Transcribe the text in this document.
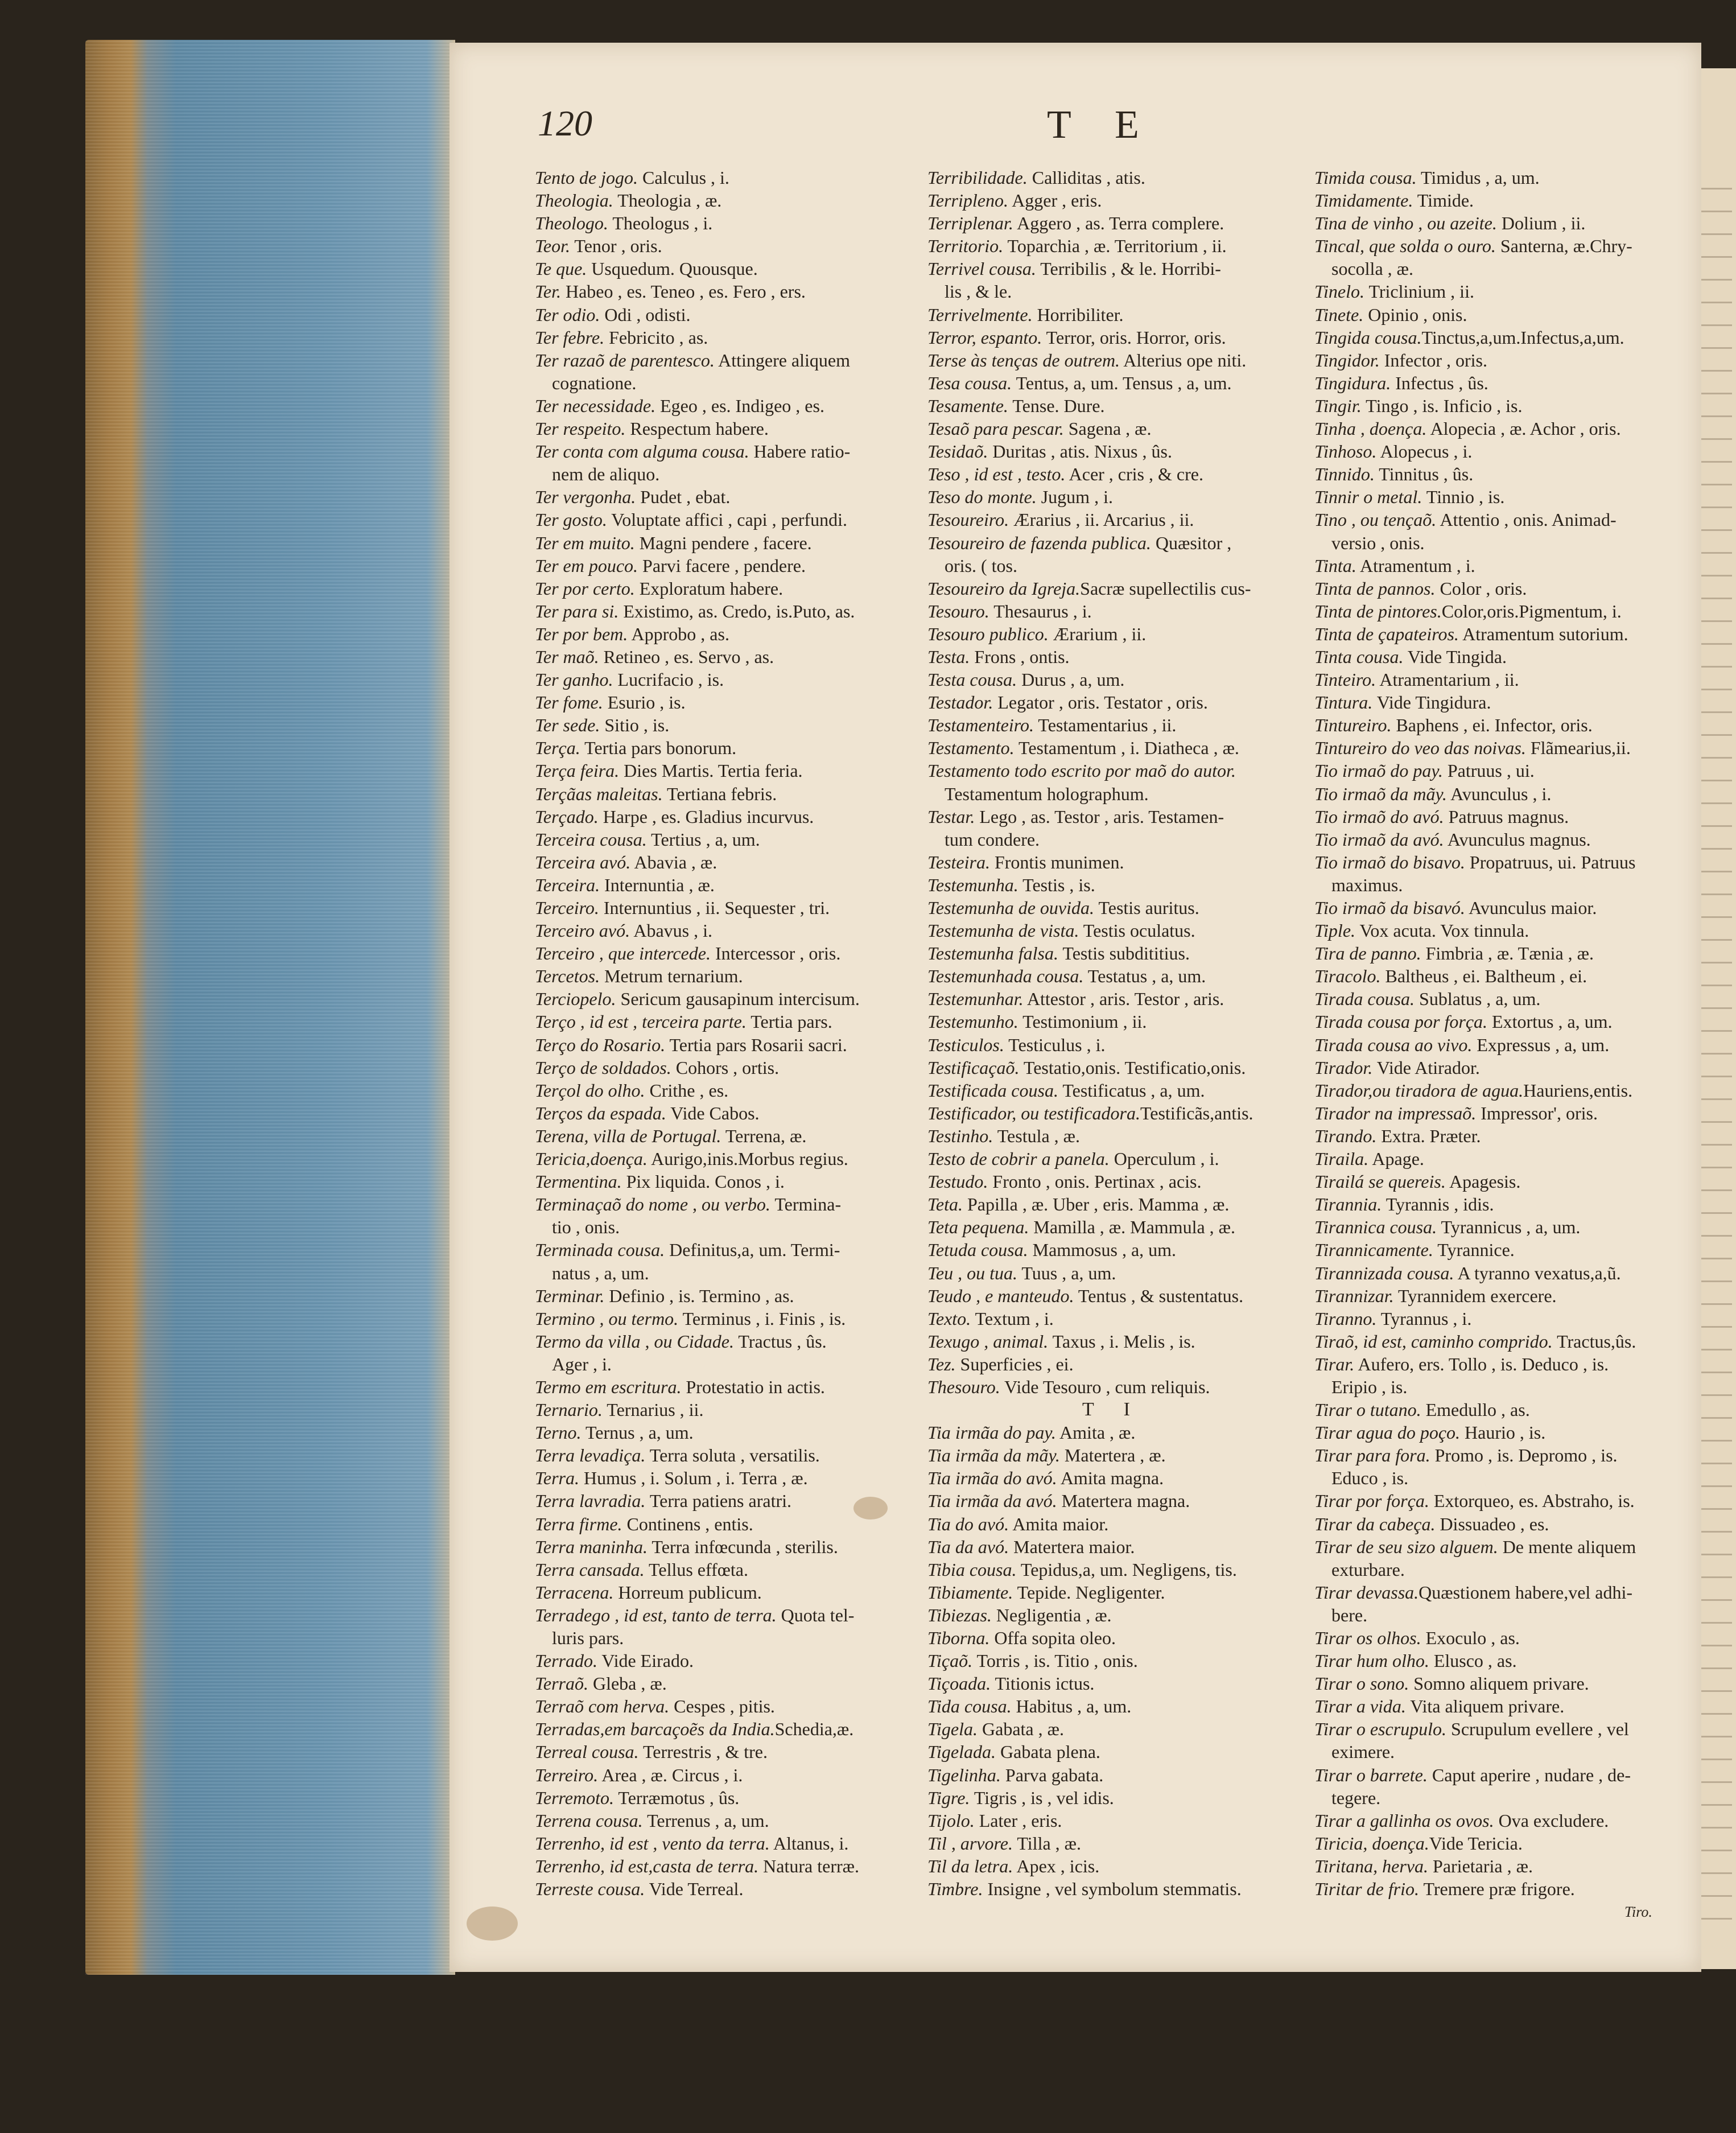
120	T E
Tento de jogo. Calculus , i.
Theologia. Theologia , æ.
Theologo. Theologus , i.
Teor. Tenor , oris.
Te que. Usquedum. Quousque.
Ter. Habeo , es. Teneo , es. Fero , ers.
Ter odio. Odi , odisti.
Ter febre. Febricito , as.
Ter razaõ de parentesco. Attingere aliquem
cognatione.
Ter necessidade. Egeo , es. Indigeo , es.
Ter respeito. Respectum habere.
Ter conta com alguma cousa. Habere ratio-
nem de aliquo.
Ter vergonha. Pudet , ebat.
Ter gosto. Voluptate affici , capi , perfundi.
Ter em muito. Magni pendere , facere.
Ter em pouco. Parvi facere , pendere.
Ter por certo. Exploratum habere.
Ter para si. Existimo, as. Credo, is.Puto, as.
Ter por bem. Approbo , as.
Ter maõ. Retineo , es. Servo , as.
Ter ganho. Lucrifacio , is.
Ter fome. Esurio , is.
Ter sede. Sitio , is.
Terça. Tertia pars bonorum.
Terça feira. Dies Martis. Tertia feria.
Terçãas maleitas. Tertiana febris.
Terçado. Harpe , es. Gladius incurvus.
Terceira cousa. Tertius , a, um.
Terceira avó. Abavia , æ.
Terceira. Internuntia , æ.
Terceiro. Internuntius , ii. Sequester , tri.
Terceiro avó. Abavus , i.
Terceiro , que intercede. Intercessor , oris.
Tercetos. Metrum ternarium.
Terciopelo. Sericum gausapinum intercisum.
Terço , id est , terceira parte. Tertia pars.
Terço do Rosario. Tertia pars Rosarii sacri.
Terço de soldados. Cohors , ortis.
Terçol do olho. Crithe , es.
Terços da espada. Vide Cabos.
Terena, villa de Portugal. Terrena, æ.
Tericia,doença. Aurigo,inis.Morbus regius.
Termentina. Pix liquida. Conos , i.
Terminaçaõ do nome , ou verbo. Termina-
tio , onis.
Terminada cousa. Definitus,a, um. Termi-
natus , a, um.
Terminar. Definio , is. Termino , as.
Termino , ou termo. Terminus , i. Finis , is.
Termo da villa , ou Cidade. Tractus , ûs.
Ager , i.
Termo em escritura. Protestatio in actis.
Ternario. Ternarius , ii.
Terno. Ternus , a, um.
Terra levadiça. Terra soluta , versatilis.
Terra. Humus , i. Solum , i. Terra , æ.
Terra lavradia. Terra patiens aratri.
Terra firme. Continens , entis.
Terra maninha. Terra infœcunda , sterilis.
Terra cansada. Tellus effœta.
Terracena. Horreum publicum.
Terradego , id est, tanto de terra. Quota tel-
luris pars.
Terrado. Vide Eirado.
Terraõ. Gleba , æ.
Terraõ com herva. Cespes , pitis.
Terradas,em barcaçoẽs da India.Schedia,æ.
Terreal cousa. Terrestris , & tre.
Terreiro. Area , æ. Circus , i.
Terremoto. Terræmotus , ûs.
Terrena cousa. Terrenus , a, um.
Terrenho, id est , vento da terra. Altanus, i.
Terrenho, id est,casta de terra. Natura terræ.
Terreste cousa. Vide Terreal.
Terribilidade. Calliditas , atis.
Terripleno. Agger , eris.
Terriplenar. Aggero , as. Terra complere.
Territorio. Toparchia , æ. Territorium , ii.
Terrivel cousa. Terribilis , & le. Horribi-
lis , & le.
Terrivelmente. Horribiliter.
Terror, espanto. Terror, oris. Horror, oris.
Terse às tenças de outrem. Alterius ope niti.
Tesa cousa. Tentus, a, um. Tensus , a, um.
Tesamente. Tense. Dure.
Tesaõ para pescar. Sagena , æ.
Tesidaõ. Duritas , atis. Nixus , ûs.
Teso , id est , testo. Acer , cris , & cre.
Teso do monte. Jugum , i.
Tesoureiro. Ærarius , ii. Arcarius , ii.
Tesoureiro de fazenda publica. Quæsitor ,
oris. ( tos.
Tesoureiro da Igreja.Sacræ supellectilis cus-
Tesouro. Thesaurus , i.
Tesouro publico. Ærarium , ii.
Testa. Frons , ontis.
Testa cousa. Durus , a, um.
Testador. Legator , oris. Testator , oris.
Testamenteiro. Testamentarius , ii.
Testamento. Testamentum , i. Diatheca , æ.
Testamento todo escrito por maõ do autor.
Testamentum holographum.
Testar. Lego , as. Testor , aris. Testamen-
tum condere.
Testeira. Frontis munimen.
Testemunha. Testis , is.
Testemunha de ouvida. Testis auritus.
Testemunha de vista. Testis oculatus.
Testemunha falsa. Testis subdititius.
Testemunhada cousa. Testatus , a, um.
Testemunhar. Attestor , aris. Testor , aris.
Testemunho. Testimonium , ii.
Testiculos. Testiculus , i.
Testificaçaõ. Testatio,onis. Testificatio,onis.
Testificada cousa. Testificatus , a, um.
Testificador, ou testificadora.Testificãs,antis.
Testinho. Testula , æ.
Testo de cobrir a panela. Operculum , i.
Testudo. Fronto , onis. Pertinax , acis.
Teta. Papilla , æ. Uber , eris. Mamma , æ.
Teta pequena. Mamilla , æ. Mammula , æ.
Tetuda cousa. Mammosus , a, um.
Teu , ou tua. Tuus , a, um.
Teudo , e manteudo. Tentus , & sustentatus.
Texto. Textum , i.
Texugo , animal. Taxus , i. Melis , is.
Tez. Superficies , ei.
Thesouro. Vide Tesouro , cum reliquis.
T I
Tia irmãa do pay. Amita , æ.
Tia irmãa da mãy. Matertera , æ.
Tia irmãa do avó. Amita magna.
Tia irmãa da avó. Matertera magna.
Tia do avó. Amita maior.
Tia da avó. Matertera maior.
Tibia cousa. Tepidus,a, um. Negligens, tis.
Tibiamente. Tepide. Negligenter.
Tibiezas. Negligentia , æ.
Tiborna. Offa sopita oleo.
Tiçaõ. Torris , is. Titio , onis.
Tiçoada. Titionis ictus.
Tida cousa. Habitus , a, um.
Tigela. Gabata , æ.
Tigelada. Gabata plena.
Tigelinha. Parva gabata.
Tigre. Tigris , is , vel idis.
Tijolo. Later , eris.
Til , arvore. Tilla , æ.
Til da letra. Apex , icis.
Timbre. Insigne , vel symbolum stemmatis.
Timida cousa. Timidus , a, um.
Timidamente. Timide.
Tina de vinho , ou azeite. Dolium , ii.
Tincal, que solda o ouro. Santerna, æ.Chry-
socolla , æ.
Tinelo. Triclinium , ii.
Tinete. Opinio , onis.
Tingida cousa.Tinctus,a,um.Infectus,a,um.
Tingidor. Infector , oris.
Tingidura. Infectus , ûs.
Tingir. Tingo , is. Inficio , is.
Tinha , doença. Alopecia , æ. Achor , oris.
Tinhoso. Alopecus , i.
Tinnido. Tinnitus , ûs.
Tinnir o metal. Tinnio , is.
Tino , ou tençaõ. Attentio , onis. Animad-
versio , onis.
Tinta. Atramentum , i.
Tinta de pannos. Color , oris.
Tinta de pintores.Color,oris.Pigmentum, i.
Tinta de çapateiros. Atramentum sutorium.
Tinta cousa. Vide Tingida.
Tinteiro. Atramentarium , ii.
Tintura. Vide Tingidura.
Tintureiro. Baphens , ei. Infector, oris.
Tintureiro do veo das noivas. Flãmearius,ii.
Tio irmaõ do pay. Patruus , ui.
Tio irmaõ da mãy. Avunculus , i.
Tio irmaõ do avó. Patruus magnus.
Tio irmaõ da avó. Avunculus magnus.
Tio irmaõ do bisavo. Propatruus, ui. Patruus
maximus.
Tio irmaõ da bisavó. Avunculus maior.
Tiple. Vox acuta. Vox tinnula.
Tira de panno. Fimbria , æ. Tænia , æ.
Tiracolo. Baltheus , ei. Baltheum , ei.
Tirada cousa. Sublatus , a, um.
Tirada cousa por força. Extortus , a, um.
Tirada cousa ao vivo. Expressus , a, um.
Tirador. Vide Atirador.
Tirador,ou tiradora de agua.Hauriens,entis.
Tirador na impressaõ. Impressor', oris.
Tirando. Extra. Præter.
Tiraila. Apage.
Tirailá se quereis. Apagesis.
Tirannia. Tyrannis , idis.
Tirannica cousa. Tyrannicus , a, um.
Tirannicamente. Tyrannice.
Tirannizada cousa. A tyranno vexatus,a,ũ.
Tirannizar. Tyrannidem exercere.
Tiranno. Tyrannus , i.
Tiraõ, id est, caminho comprido. Tractus,ûs.
Tirar. Aufero, ers. Tollo , is. Deduco , is.
Eripio , is.
Tirar o tutano. Emedullo , as.
Tirar agua do poço. Haurio , is.
Tirar para fora. Promo , is. Depromo , is.
Educo , is.
Tirar por força. Extorqueo, es. Abstraho, is.
Tirar da cabeça. Dissuadeo , es.
Tirar de seu sizo alguem. De mente aliquem
exturbare.
Tirar devassa.Quæstionem habere,vel adhi-
bere.
Tirar os olhos. Exoculo , as.
Tirar hum olho. Elusco , as.
Tirar o sono. Somno aliquem privare.
Tirar a vida. Vita aliquem privare.
Tirar o escrupulo. Scrupulum evellere , vel
eximere.
Tirar o barrete. Caput aperire , nudare , de-
tegere.
Tirar a gallinha os ovos. Ova excludere.
Tiricia, doença.Vide Tericia.
Tiritana, herva. Parietaria , æ.
Tiritar de frio. Tremere præ frigore.
Tiro.
